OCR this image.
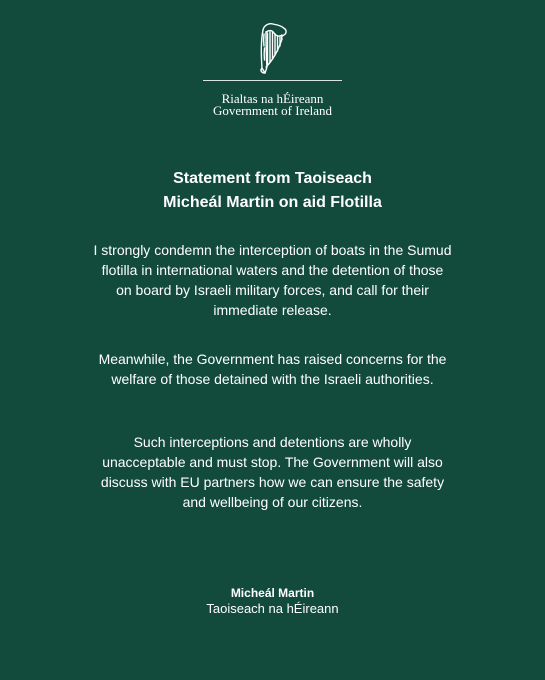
Rialtas na hÉireann
Government of Ireland
Statement from Taoiseach
Micheál Martin on aid Flotilla
I strongly condemn the interception of boats in the Sumud flotilla in international waters and the detention of those on board by Israeli military forces, and call for their immediate release.
Meanwhile, the Government has raised concerns for the welfare of those detained with the Israeli authorities.
Such interceptions and detentions are wholly unacceptable and must stop. The Government will also discuss with EU partners how we can ensure the safety and wellbeing of our citizens.
Micheál Martin
Taoiseach na hÉireann
